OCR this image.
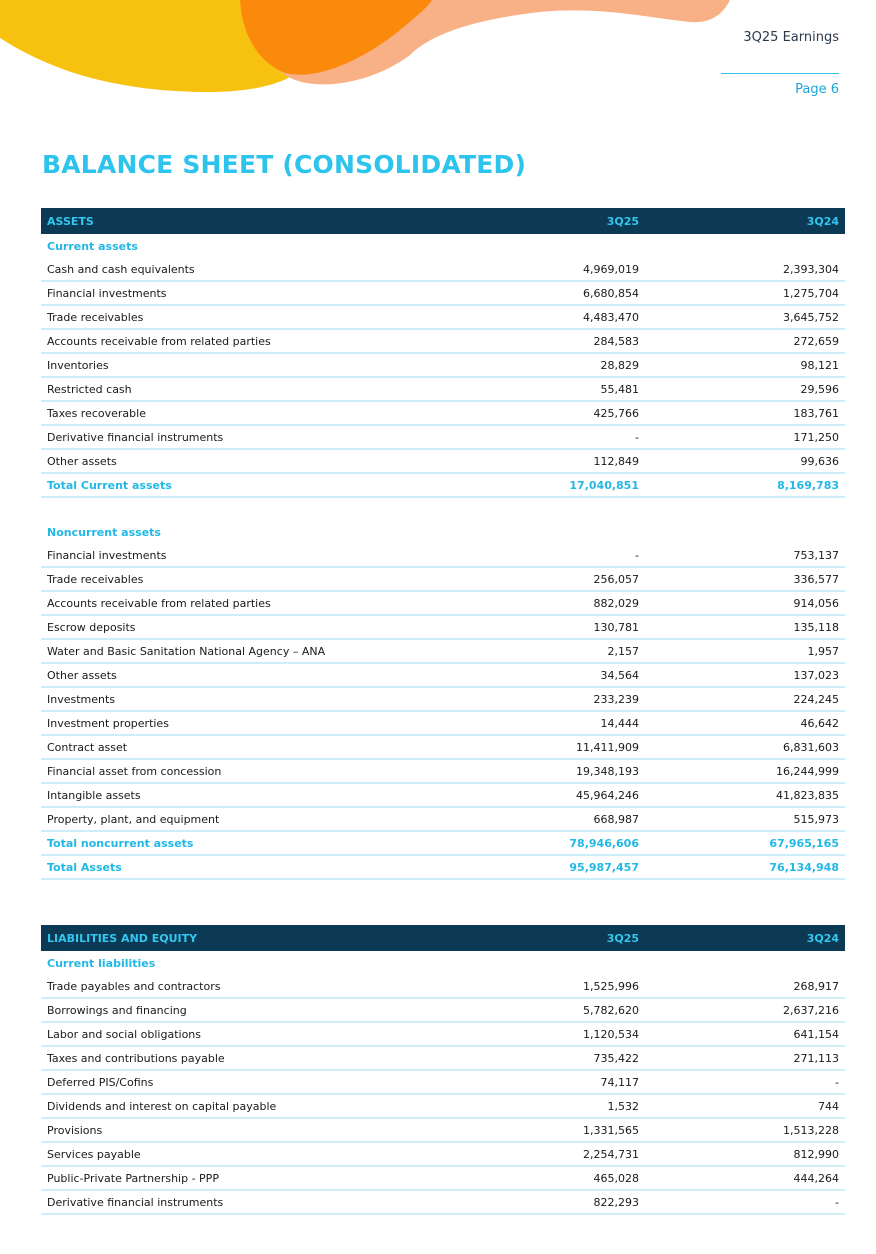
3Q25 Earnings
Page 6
BALANCE SHEET (CONSOLIDATED)
ASSETS	3Q25	3Q24
Current assets		
Cash and cash equivalents	4,969,019	2,393,304
Financial investments	6,680,854	1,275,704
Trade receivables	4,483,470	3,645,752
Accounts receivable from related parties	284,583	272,659
Inventories	28,829	98,121
Restricted cash	55,481	29,596
Taxes recoverable	425,766	183,761
Derivative financial instruments	-	171,250
Other assets	112,849	99,636
Total Current assets	17,040,851	8,169,783

Noncurrent assets		
Financial investments	-	753,137
Trade receivables	256,057	336,577
Accounts receivable from related parties	882,029	914,056
Escrow deposits	130,781	135,118
Water and Basic Sanitation National Agency – ANA	2,157	1,957
Other assets	34,564	137,023
Investments	233,239	224,245
Investment properties	14,444	46,642
Contract asset	11,411,909	6,831,603
Financial asset from concession	19,348,193	16,244,999
Intangible assets	45,964,246	41,823,835
Property, plant, and equipment	668,987	515,973
Total noncurrent assets	78,946,606	67,965,165
Total Assets	95,987,457	76,134,948
LIABILITIES AND EQUITY	3Q25	3Q24
Current liabilities		
Trade payables and contractors	1,525,996	268,917
Borrowings and financing	5,782,620	2,637,216
Labor and social obligations	1,120,534	641,154
Taxes and contributions payable	735,422	271,113
Deferred PIS/Cofins	74,117	-
Dividends and interest on capital payable	1,532	744
Provisions	1,331,565	1,513,228
Services payable	2,254,731	812,990
Public-Private Partnership - PPP	465,028	444,264
Derivative financial instruments	822,293	-
